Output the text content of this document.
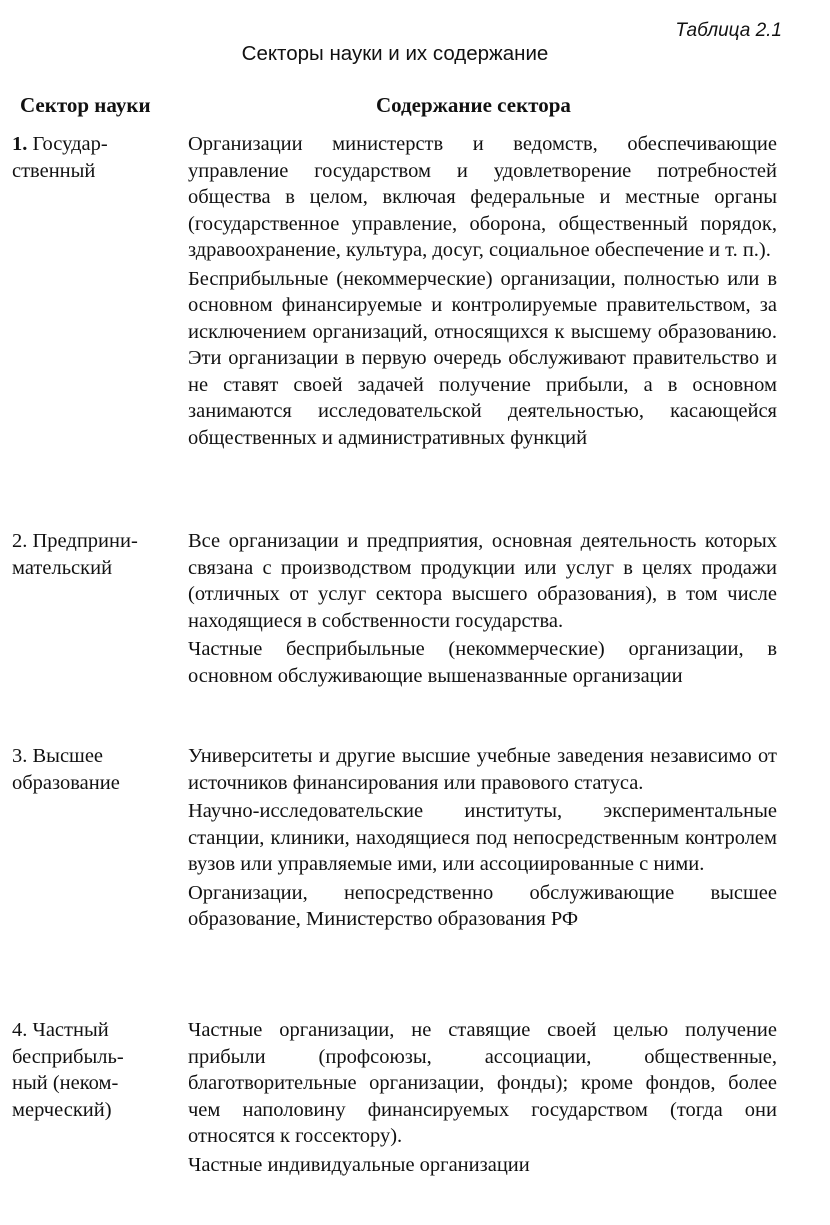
Таблица 2.1
Секторы науки и их содержание
Сектор науки	Содержание сектора
1. Государ-
ственный

Организации министерств и ведомств, обеспечивающие управление государством и удовлетворение потребностей общества в целом, включая федеральные и местные органы (государственное управление, оборона, общественный порядок, здравоохранение, культура, досуг, социальное обеспечение и т. п.).

Бесприбыльные (некоммерческие) организации, полностью или в основном финансируемые и контролируемые правительством, за исключением организаций, относящихся к высшему образованию. Эти организации в первую очередь обслуживают правительство и не ставят своей задачей получение прибыли, а в основном занимаются исследовательской деятельностью, касающейся общественных и административных функций

2. Предприни-
мательский

Все организации и предприятия, основная деятельность которых связана с производством продукции или услуг в целях продажи (отличных от услуг сектора высшего образования), в том числе находящиеся в собственности государства.

Частные бесприбыльные (некоммерческие) организации, в основном обслуживающие вышеназванные организации

3. Высшее
образование

Университеты и другие высшие учебные заведения независимо от источников финансирования или правового статуса.

Научно-исследовательские институты, экспериментальные станции, клиники, находящиеся под непосредственным контролем вузов или управляемые ими, или ассоциированные с ними.

Организации, непосредственно обслуживающие высшее образование, Министерство образования РФ

4. Частный
бесприбыль-
ный (неком-
мерческий)

Частные организации, не ставящие своей целью получение прибыли (профсоюзы, ассоциации, общественные, благотворительные организации, фонды); кроме фондов, более чем наполовину финансируемых государством (тогда они относятся к госсектору).

Частные индивидуальные организации
